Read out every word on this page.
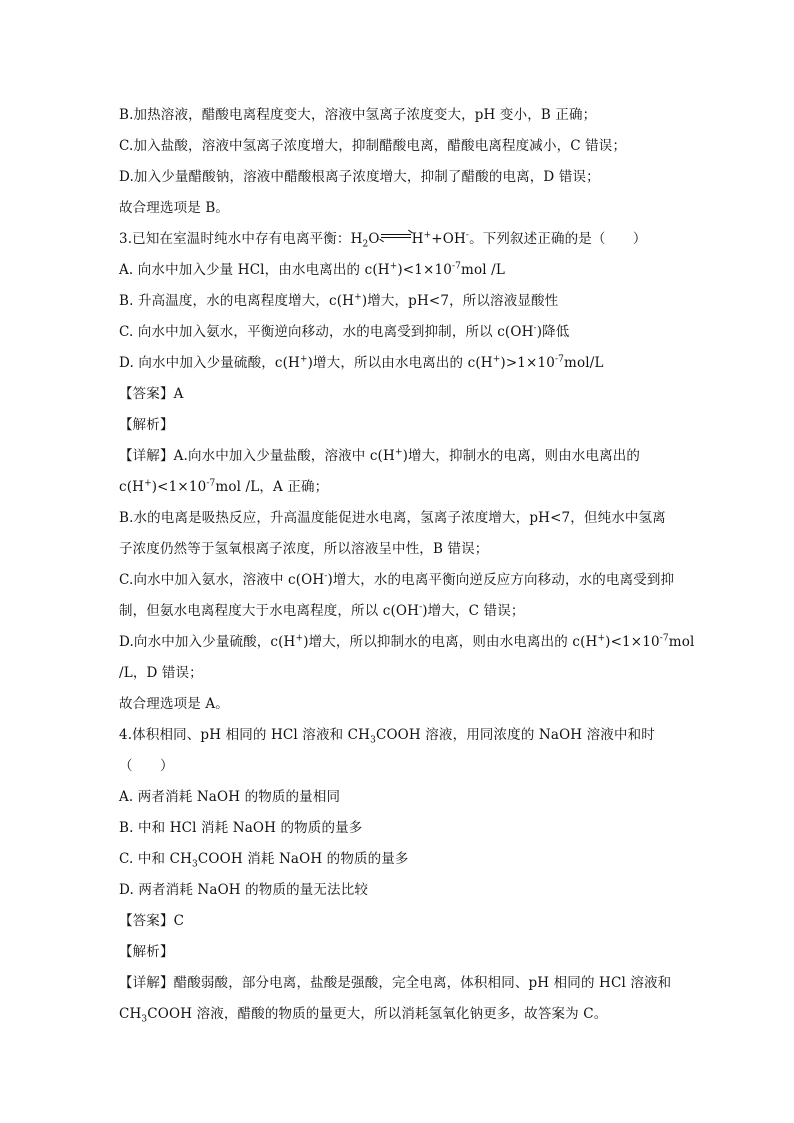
B.加热溶液，醋酸电离程度变大，溶液中氢离子浓度变大，pH 变小，B 正确；
C.加入盐酸，溶液中氢离子浓度增大，抑制醋酸电离，醋酸电离程度减小，C 错误；
D.加入少量醋酸钠，溶液中醋酸根离子浓度增大，抑制了醋酸的电离，D 错误；
故合理选项是 B。
3.已知在室温时纯水中存有电离平衡：$H_2O\to H^++OH^-$。下列叙述正确的是（　　）
A. 向水中加入少量 HCl，由水电离出的 $c(H^+)<1\times 10^{-7}mol$ /L
B. 升高温度，水的电离程度增大，c(H+)增大，pH<7，所以溶液显酸性
C. 向水中加入氨水，平衡逆向移动，水的电离受到抑制，所以 c(OH-)降低
D. 向水中加入少量硫酸，c(H+)增大，所以由水电离出的 $c(H^+)>1\times 10^{-7}mol/L$
【答案】A
【解析】
【详解】A.向水中加入少量盐酸，溶液中 c(H+)增大，抑制水的电离，则由水电离出的
$c(H^+)<1\times 10^{-7}mol$ /L，A 正确；
B.水的电离是吸热反应，升高温度能促进水电离，氢离子浓度增大，pH<7，但纯水中氢离
子浓度仍然等于氢氧根离子浓度，所以溶液呈中性，B 错误；
C.向水中加入氨水，溶液中 c(OH-)增大，水的电离平衡向逆反应方向移动，水的电离受到抑
制，但氨水电离程度大于水电离程度，所以 c(OH-)增大，C 错误；
D.向水中加入少量硫酸，c(H+)增大，所以抑制水的电离，则由水电离出的 $c(H^+)<1\times 10^{-7}mol$
/L，D 错误；
故合理选项是 A。
4.体积相同、pH 相同的 HCl 溶液和 $CH_3COOH$ 溶液，用同浓度的 NaOH 溶液中和时
（　　）
A. 两者消耗 NaOH 的物质的量相同
B. 中和 HCl 消耗 NaOH 的物质的量多
C. 中和 $CH_3COOH$ 消耗 NaOH 的物质的量多
D. 两者消耗 NaOH 的物质的量无法比较
【答案】C
【解析】
【详解】醋酸弱酸，部分电离，盐酸是强酸，完全电离，体积相同、pH 相同的 HCl 溶液和
$CH_3COOH$ 溶液，醋酸的物质的量更大，所以消耗氢氧化钠更多，故答案为 C。
